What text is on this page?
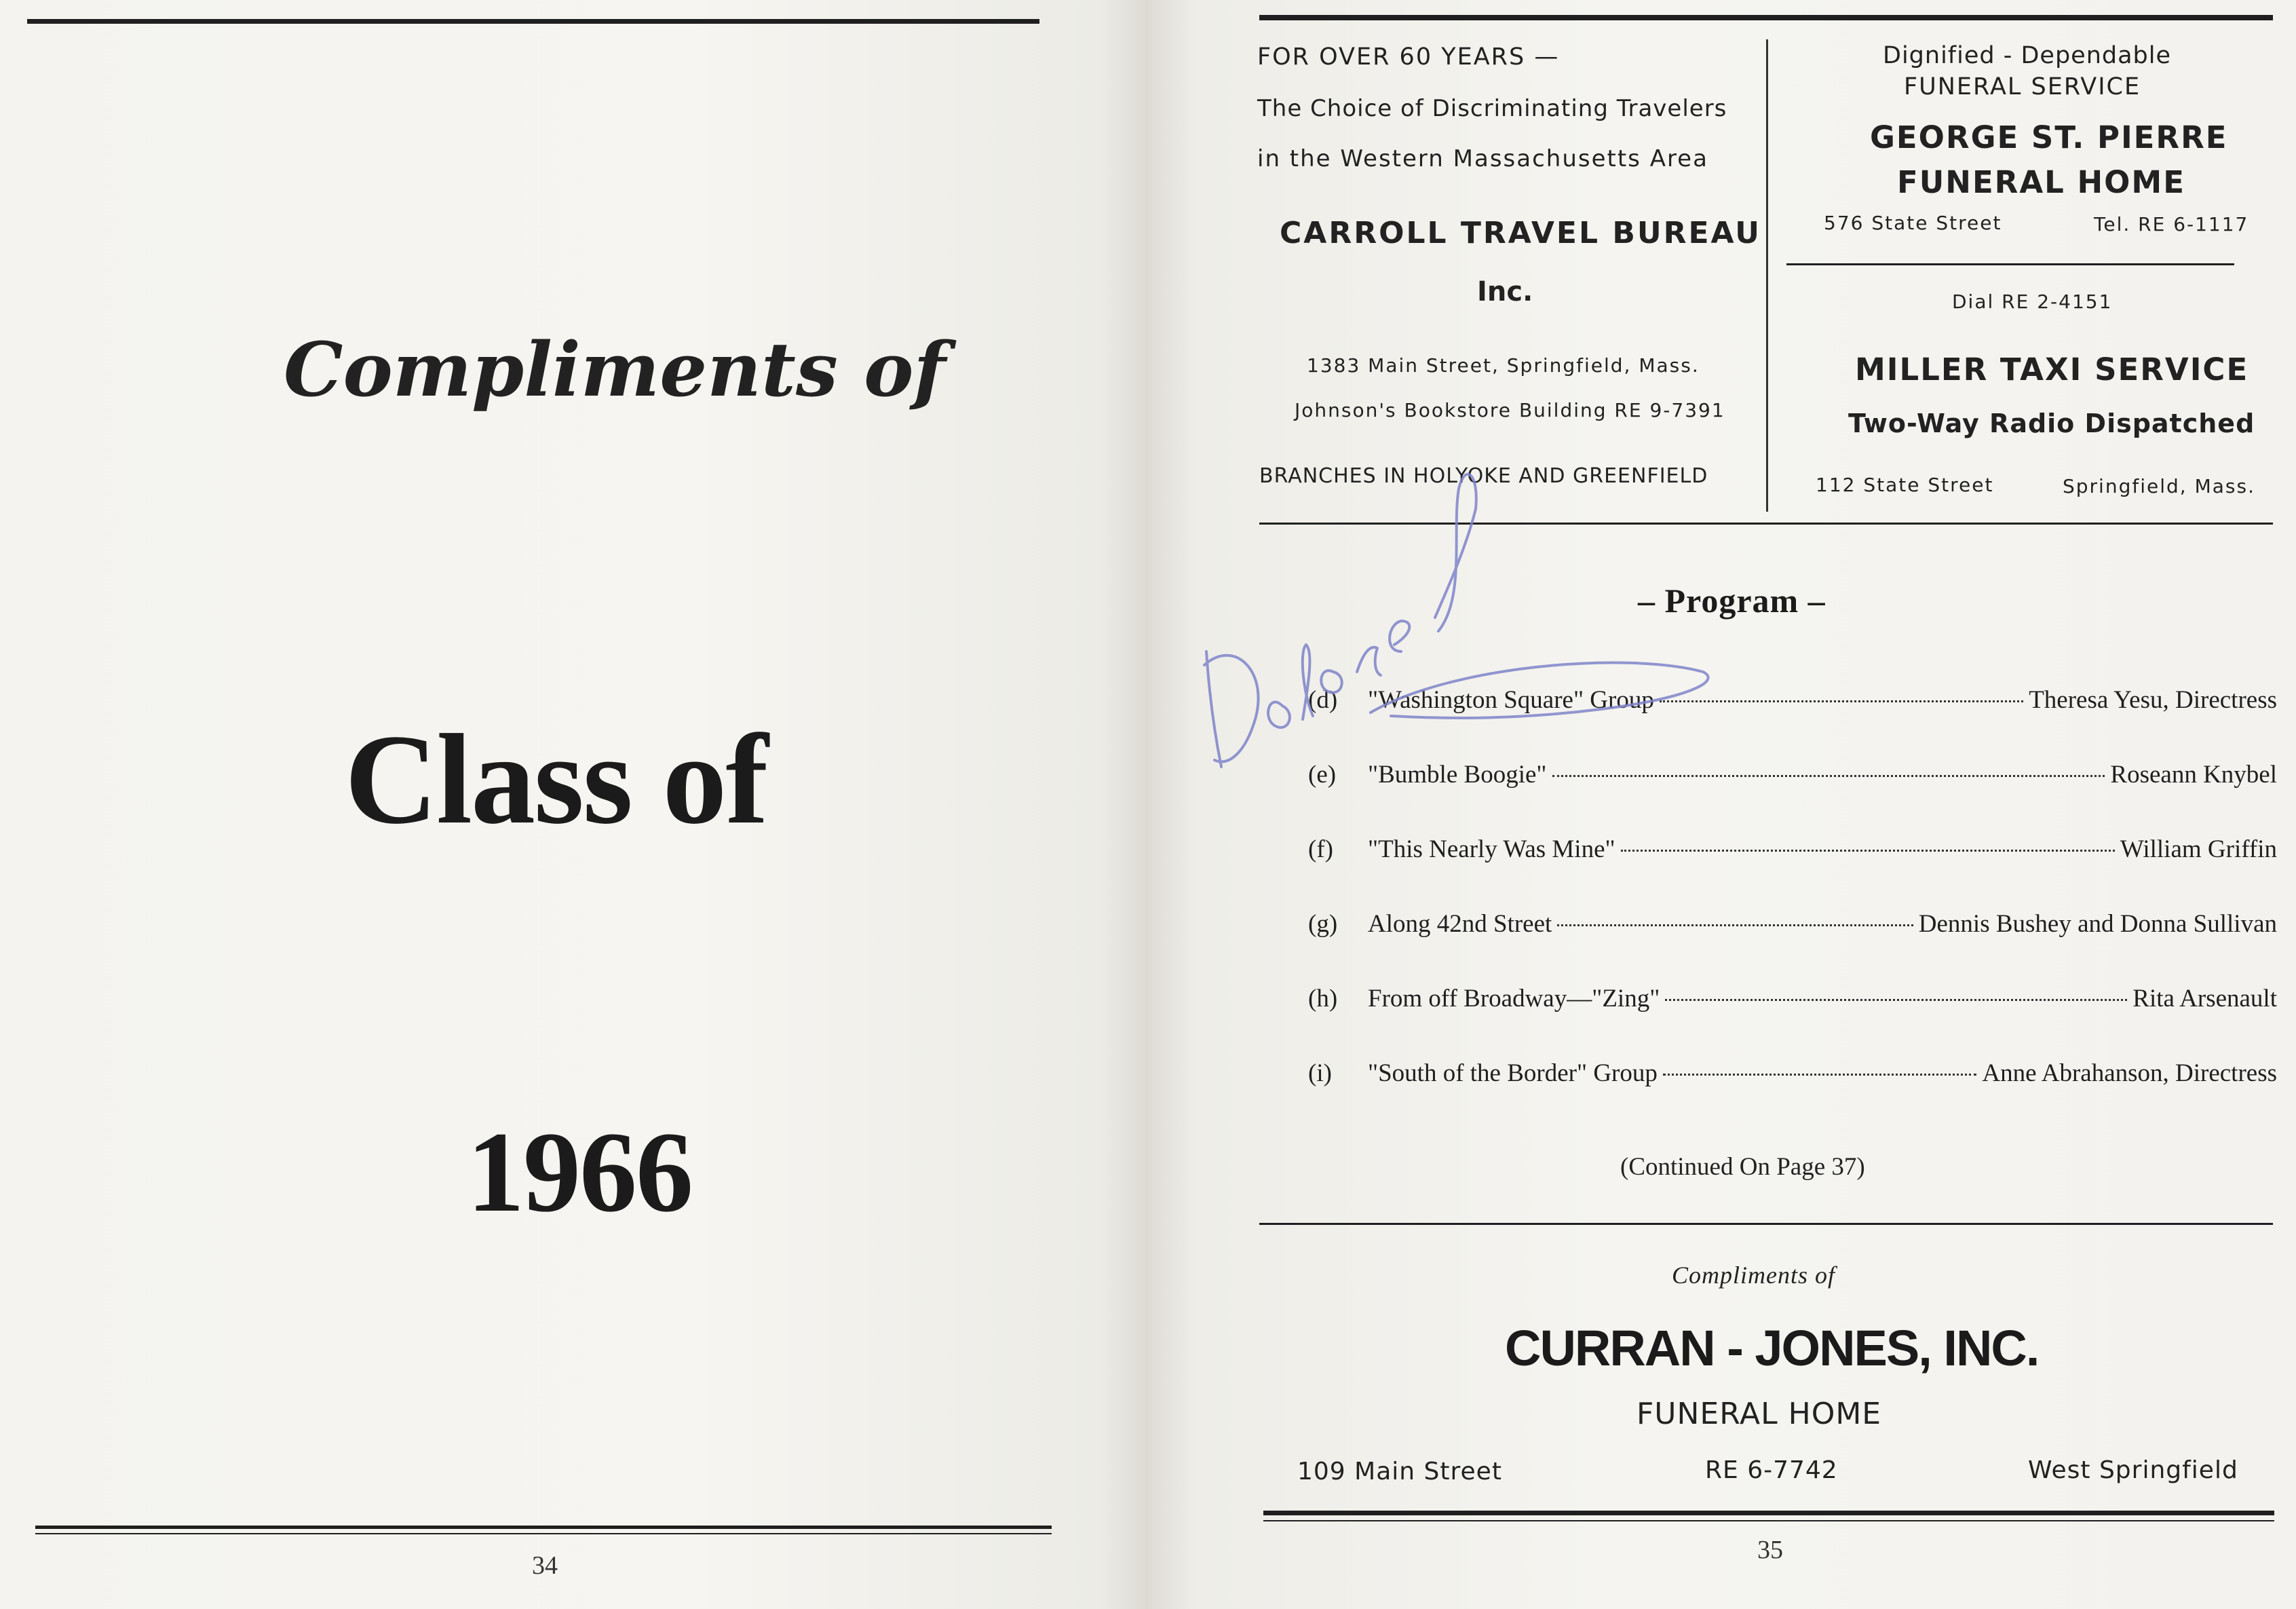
Compliments of
Class of
1966
34
FOR OVER 60 YEARS —
The Choice of Discriminating Travelers
in the Western Massachusetts Area
CARROLL TRAVEL BUREAU
Inc.
1383 Main Street, Springfield, Mass.
Johnson's Bookstore Building RE 9-7391
BRANCHES IN HOLYOKE AND GREENFIELD
Dignified - Dependable
FUNERAL SERVICE
GEORGE ST. PIERRE
FUNERAL HOME
576 State Street	Tel. RE 6-1117
Dial RE 2-4151
MILLER TAXI SERVICE
Two-Way Radio Dispatched
112 State Street	Springfield, Mass.
– Program –
(d)	"Washington Square" Group	Theresa Yesu, Directress
(e)	"Bumble Boogie"	Roseann Knybel
(f)	"This Nearly Was Mine"	William Griffin
(g)	Along 42nd Street	Dennis Bushey and Donna Sullivan
(h)	From off Broadway—"Zing"	Rita Arsenault
(i)	"South of the Border" Group	Anne Abrahanson, Directress
(Continued On Page 37)
Compliments of
CURRAN - JONES, INC.
FUNERAL HOME
109 Main Street	RE 6-7742	West Springfield
35
